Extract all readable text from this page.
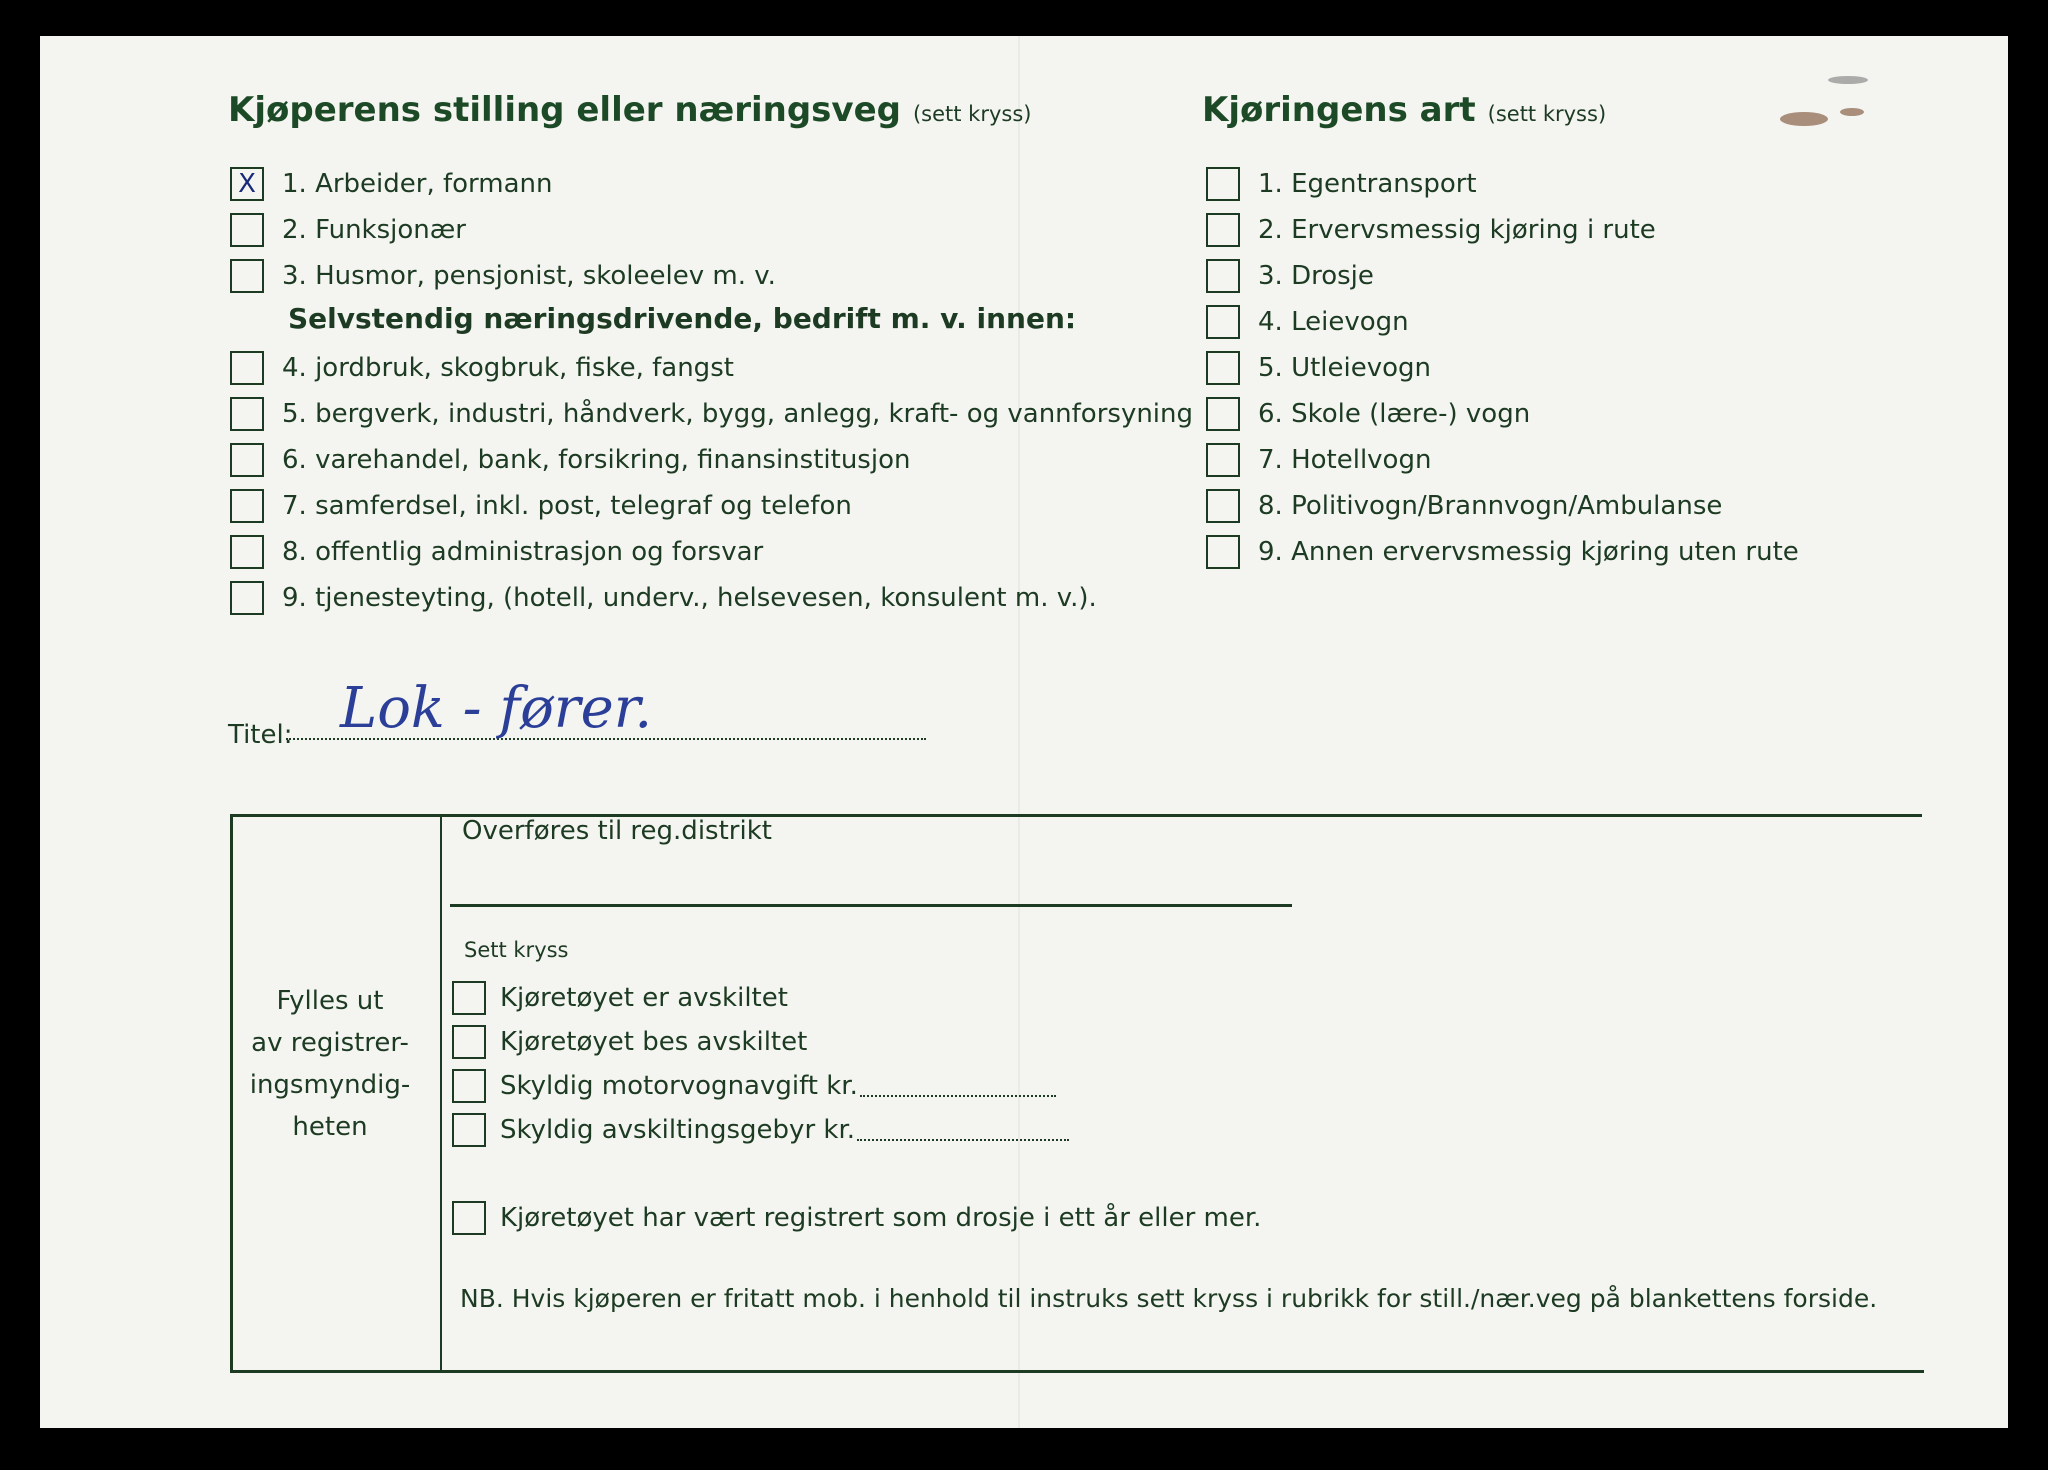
Kjøperens stilling eller næringsveg (sett kryss)
X	1. Arbeider, formann
2. Funksjonær
3. Husmor, pensjonist, skoleelev m. v.
Selvstendig næringsdrivende, bedrift m. v. innen:
4. jordbruk, skogbruk, fiske, fangst
5. bergverk, industri, håndverk, bygg, anlegg, kraft- og vannforsyning
6. varehandel, bank, forsikring, finansinstitusjon
7. samferdsel, inkl. post, telegraf og telefon
8. offentlig administrasjon og forsvar
9. tjenesteyting, (hotell, underv., helsevesen, konsulent m. v.).
Kjøringens art (sett kryss)
1. Egentransport
2. Ervervsmessig kjøring i rute
3. Drosje
4. Leievogn
5. Utleievogn
6. Skole (lære-) vogn
7. Hotellvogn
8. Politivogn/Brannvogn/Ambulanse
9. Annen ervervsmessig kjøring uten rute
Titel: Lok - fører.
Fylles ut
av registrer-
ingsmyndig-
heten
Overføres til reg.distrikt
Sett kryss
Kjøretøyet er avskiltet
Kjøretøyet bes avskiltet
Skyldig motorvognavgift kr.
Skyldig avskiltingsgebyr kr.
Kjøretøyet har vært registrert som drosje i ett år eller mer.
NB. Hvis kjøperen er fritatt mob. i henhold til instruks sett kryss i rubrikk for still./nær.veg på blankettens forside.
